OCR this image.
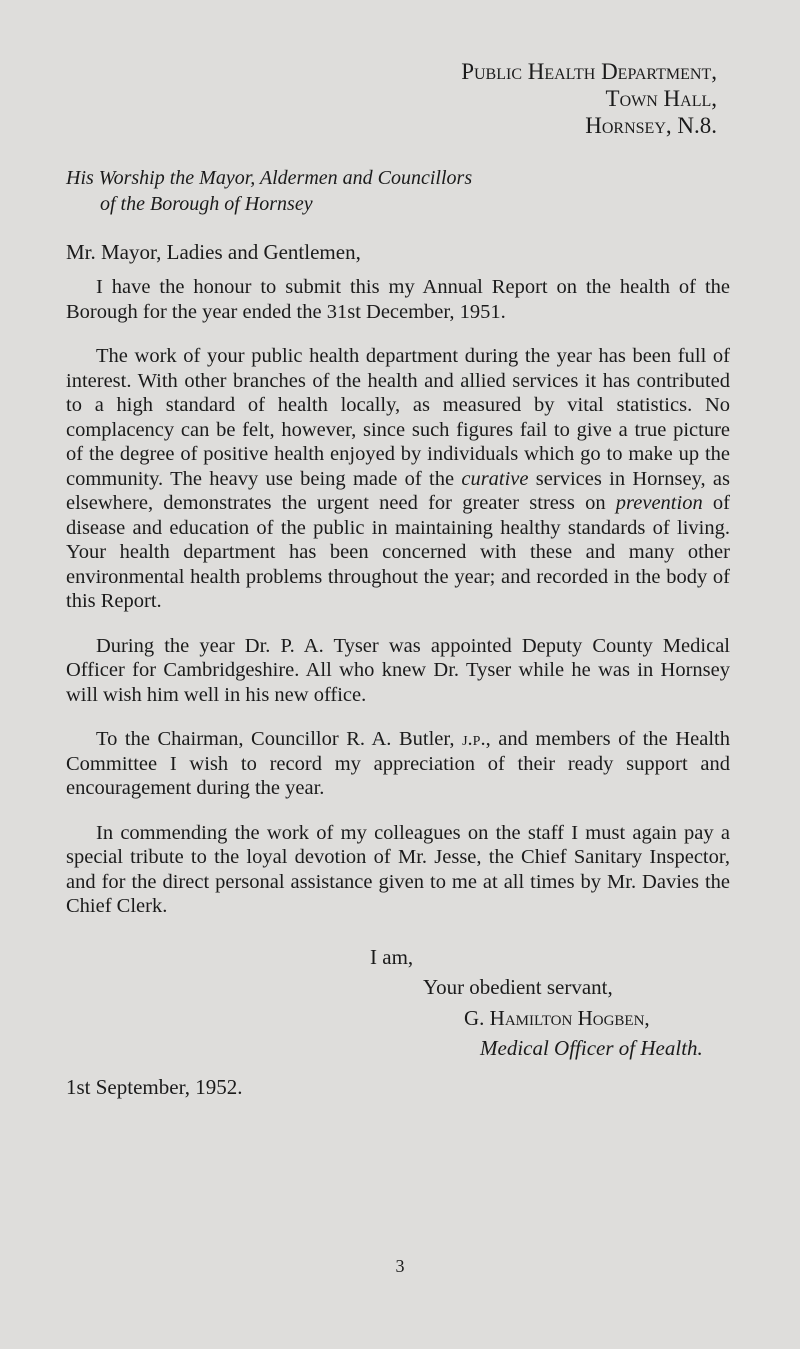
Public Health Department,
Town Hall,
Hornsey, N.8.
His Worship the Mayor, Aldermen and Councillors
of the Borough of Hornsey
Mr. Mayor, Ladies and Gentlemen,

I have the honour to submit this my Annual Report on the health of the Borough for the year ended the 31st December, 1951.

The work of your public health department during the year has been full of interest. With other branches of the health and allied services it has contributed to a high standard of health locally, as measured by vital statistics. No complacency can be felt, however, since such figures fail to give a true picture of the degree of positive health enjoyed by individuals which go to make up the community. The heavy use being made of the curative services in Hornsey, as elsewhere, demonstrates the urgent need for greater stress on prevention of disease and education of the public in maintaining healthy standards of living. Your health department has been concerned with these and many other environmental health problems throughout the year; and recorded in the body of this Report.

During the year Dr. P. A. Tyser was appointed Deputy County Medical Officer for Cambridgeshire. All who knew Dr. Tyser while he was in Hornsey will wish him well in his new office.

To the Chairman, Councillor R. A. Butler, j.p., and members of the Health Committee I wish to record my appreciation of their ready support and encouragement during the year.

In commending the work of my colleagues on the staff I must again pay a special tribute to the loyal devotion of Mr. Jesse, the Chief Sanitary Inspector, and for the direct personal assistance given to me at all times by Mr. Davies the Chief Clerk.

I am,
Your obedient servant,
G. Hamilton Hogben,
Medical Officer of Health.
1st September, 1952.
3
